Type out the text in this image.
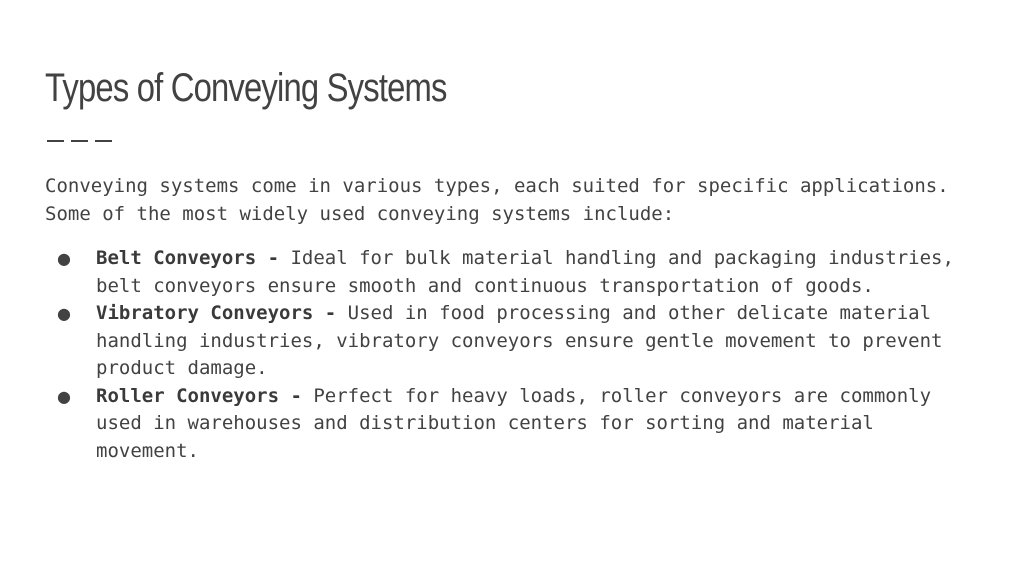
Types of Conveying Systems

Conveying systems come in various types, each suited for specific applications. Some of the most widely used conveying systems include:

● Belt Conveyors - Ideal for bulk material handling and packaging industries, belt conveyors ensure smooth and continuous transportation of goods.
● Vibratory Conveyors - Used in food processing and other delicate material handling industries, vibratory conveyors ensure gentle movement to prevent product damage.
● Roller Conveyors - Perfect for heavy loads, roller conveyors are commonly used in warehouses and distribution centers for sorting and material movement.
